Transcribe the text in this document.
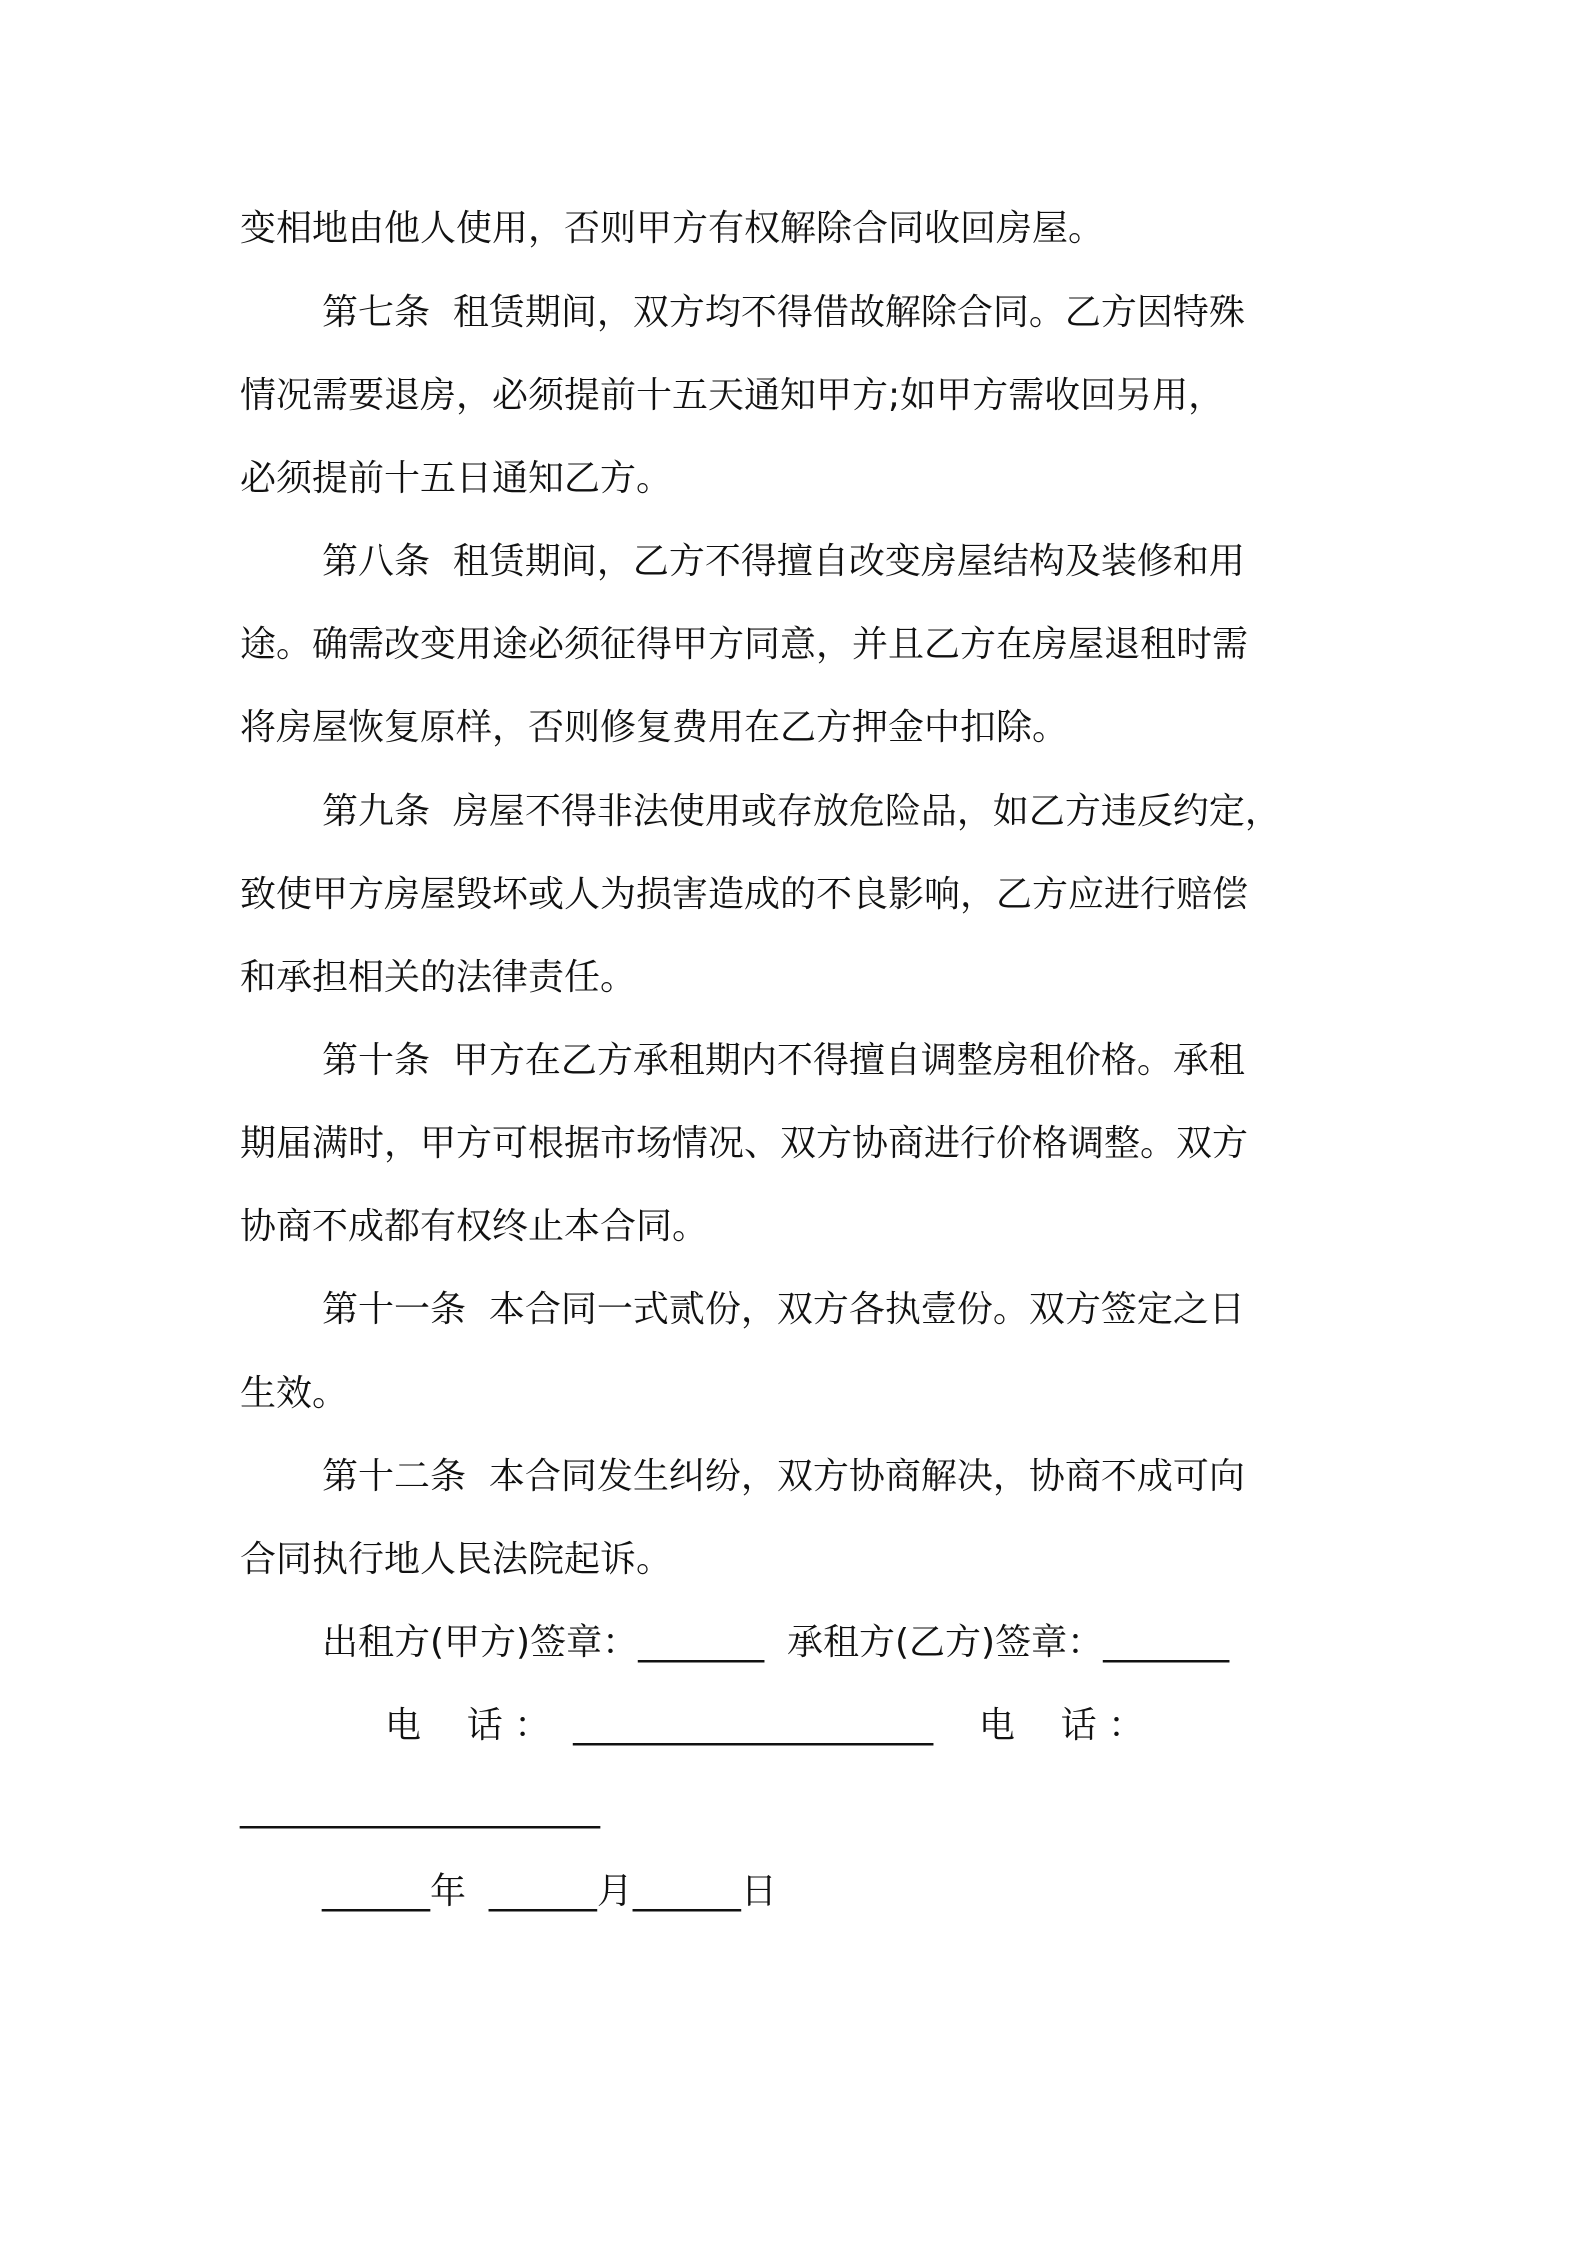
变相地由他人使用，否则甲方有权解除合同收回房屋。
第七条  租赁期间，双方均不得借故解除合同。乙方因特殊
情况需要退房，必须提前十五天通知甲方;如甲方需收回另用，
必须提前十五日通知乙方。
第八条  租赁期间，乙方不得擅自改变房屋结构及装修和用
途。确需改变用途必须征得甲方同意，并且乙方在房屋退租时需
将房屋恢复原样，否则修复费用在乙方押金中扣除。
第九条  房屋不得非法使用或存放危险品，如乙方违反约定，
致使甲方房屋毁坏或人为损害造成的不良影响，乙方应进行赔偿
和承担相关的法律责任。
第十条  甲方在乙方承租期内不得擅自调整房租价格。承租
期届满时，甲方可根据市场情况、双方协商进行价格调整。双方
协商不成都有权终止本合同。
第十一条  本合同一式贰份，双方各执壹份。双方签定之日
生效。
第十二条  本合同发生纠纷，双方协商解决，协商不成可向
合同执行地人民法院起诉。
出租方(甲方)签章：_______  承租方(乙方)签章：_______
电    话 ：  ____________________    电    话 ：
____________________
______年  ______月______日
